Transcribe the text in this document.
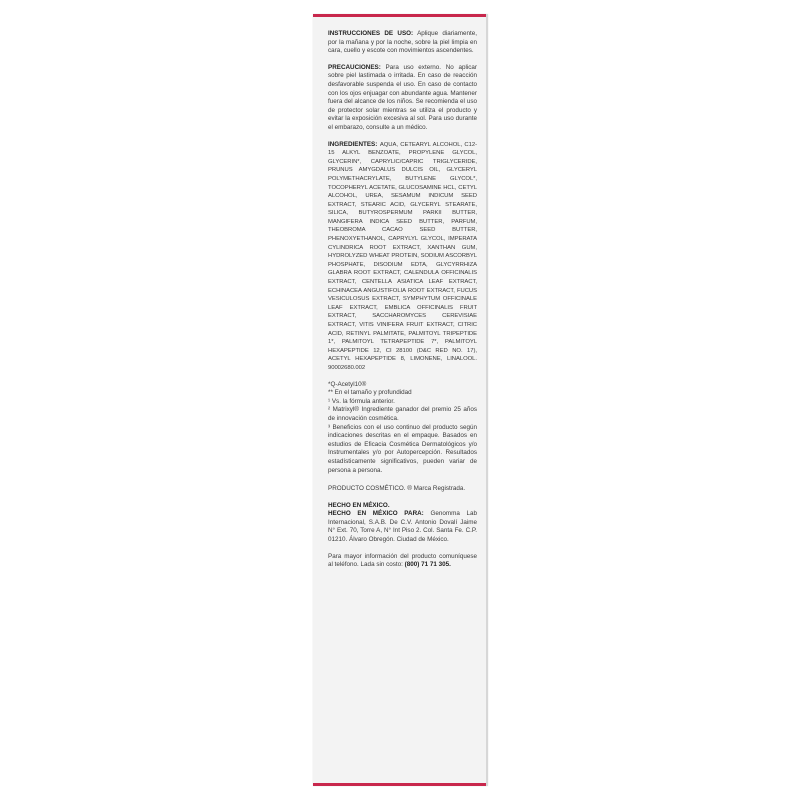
INSTRUCCIONES DE USO: Aplique diariamente, por la mañana y por la noche, sobre la piel limpia en cara, cuello y escote con movimientos ascendentes.

PRECAUCIONES: Para uso externo. No aplicar sobre piel lastimada o irritada. En caso de reacción desfavorable suspenda el uso. En caso de contacto con los ojos enjuagar con abundante agua. Mantener fuera del alcance de los niños. Se recomienda el uso de protector solar mientras se utiliza el producto y evitar la exposición excesiva al sol. Para uso durante el embarazo, consulte a un médico.

INGREDIENTES: AQUA, CETEARYL ALCOHOL, C12-15 ALKYL BENZOATE, PROPYLENE GLYCOL, GLYCERIN*, CAPRYLIC/CAPRIC TRIGLYCERIDE, PRUNUS AMYGDALUS DULCIS OIL, GLYCERYL POLYMETHACRYLATE, BUTYLENE GLYCOL*, TOCOPHERYL ACETATE, GLUCOSAMINE HCL, CETYL ALCOHOL, UREA, SESAMUM INDICUM SEED EXTRACT, STEARIC ACID, GLYCERYL STEARATE, SILICA, BUTYROSPERMUM PARKII BUTTER, MANGIFERA INDICA SEED BUTTER, PARFUM, THEOBROMA CACAO SEED BUTTER, PHENOXYETHANOL, CAPRYLYL GLYCOL, IMPERATA CYLINDRICA ROOT EXTRACT, XANTHAN GUM, HYDROLYZED WHEAT PROTEIN, SODIUM ASCORBYL PHOSPHATE, DISODIUM EDTA, GLYCYRRHIZA GLABRA ROOT EXTRACT, CALENDULA OFFICINALIS EXTRACT, CENTELLA ASIATICA LEAF EXTRACT, ECHINACEA ANGUSTIFOLIA ROOT EXTRACT, FUCUS VESICULOSUS EXTRACT, SYMPHYTUM OFFICINALE LEAF EXTRACT, EMBLICA OFFICINALIS FRUIT EXTRACT, SACCHAROMYCES CEREVISIAE EXTRACT, VITIS VINIFERA FRUIT EXTRACT, CITRIC ACID, RETINYL PALMITATE, PALMITOYL TRIPEPTIDE 1*, PALMITOYL TETRAPEPTIDE 7*, PALMITOYL HEXAPEPTIDE 12, CI 28100 (D&C RED NO. 17), ACETYL HEXAPEPTIDE 8, LIMONENE, LINALOOL. 90002680.002

*Q-Acetyl10®
** En el tamaño y profundidad
¹ Vs. la fórmula anterior.
² Matrixyl® Ingrediente ganador del premio 25 años de innovación cosmética.
³ Beneficios con el uso continuo del producto según indicaciones descritas en el empaque. Basados en estudios de Eficacia Cosmética Dermatológicos y/o Instrumentales y/o por Autopercepción. Resultados estadísticamente significativos, pueden variar de persona a persona.

PRODUCTO COSMÉTICO. ® Marca Registrada.

HECHO EN MÉXICO.

HECHO EN MÉXICO PARA: Genomma Lab Internacional, S.A.B. De C.V. Antonio Dovalí Jaime N° Ext. 70, Torre A, N° Int Piso 2. Col. Santa Fe. C.P. 01210. Álvaro Obregón. Ciudad de México.

Para mayor información del producto comuníquese al teléfono. Lada sin costo: (800) 71 71 305.
